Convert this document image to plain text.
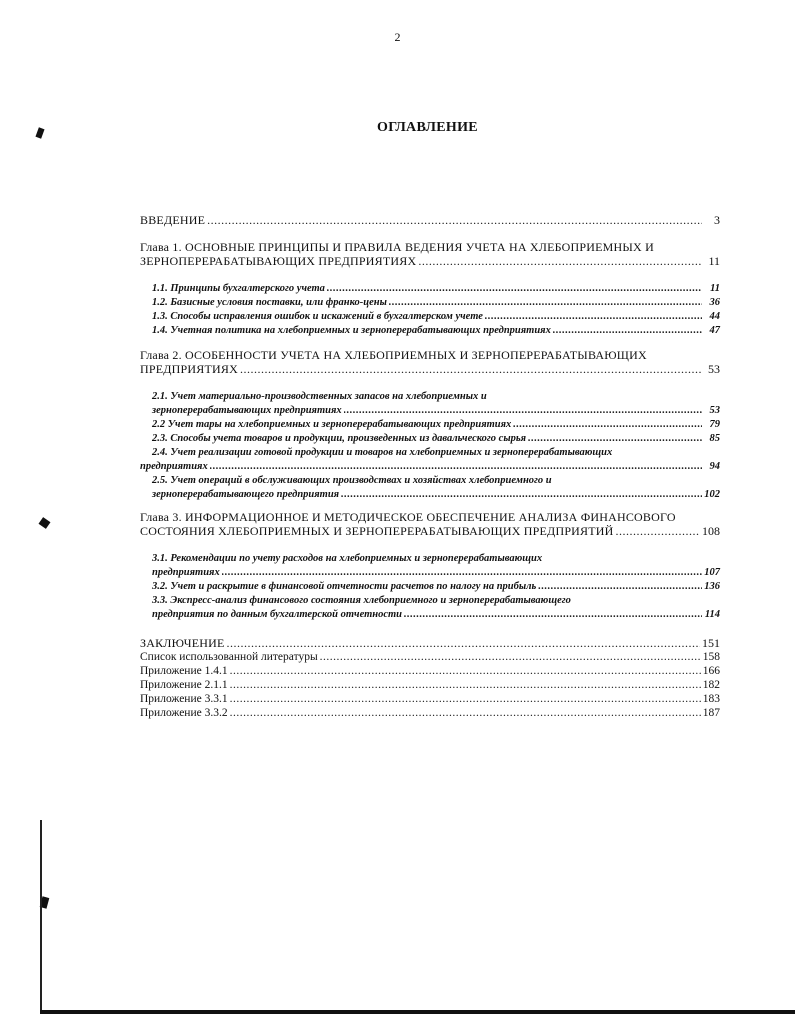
2
ОГЛАВЛЕНИЕ
ВВЕДЕНИЕ .....	3
Глава 1. ОСНОВНЫЕ ПРИНЦИПЫ И ПРАВИЛА ВЕДЕНИЯ УЧЕТА НА ХЛЕБОПРИЕМНЫХ И
ЗЕРНОПЕРЕРАБАТЫВАЮЩИХ ПРЕДПРИЯТИЯХ .....	11
1.1. Принципы бухгалтерского учета .....	11
1.2. Базисные условия поставки, или франко-цены .....	36
1.3. Способы исправления ошибок и искажений в бухгалтерском учете .....	44
1.4. Учетная политика на хлебоприемных и зерноперерабатывающих предприятиях .....	47
Глава 2. ОСОБЕННОСТИ УЧЕТА НА ХЛЕБОПРИЕМНЫХ И ЗЕРНОПЕРЕРАБАТЫВАЮЩИХ
ПРЕДПРИЯТИЯХ .....	53
2.1. Учет материально-производственных запасов на хлебоприемных и
зерноперерабатывающих предприятиях .....	53
2.2 Учет тары на хлебоприемных и зерноперерабатывающих предприятиях .....	79
2.3. Способы учета товаров и продукции, произведенных из давальческого сырья .....	85
2.4. Учет реализации готовой продукции и товаров на хлебоприемных и зерноперерабатывающих
предприятиях .....	94
2.5. Учет операций в обслуживающих производствах и хозяйствах хлебоприемного и
зерноперерабатывающего предприятия .....	102
Глава 3. ИНФОРМАЦИОННОЕ И МЕТОДИЧЕСКОЕ ОБЕСПЕЧЕНИЕ АНАЛИЗА ФИНАНСОВОГО
СОСТОЯНИЯ ХЛЕБОПРИЕМНЫХ И ЗЕРНОПЕРЕРАБАТЫВАЮЩИХ ПРЕДПРИЯТИЙ .....	108
3.1. Рекомендации по учету расходов на хлебоприемных и зерноперерабатывающих
предприятиях .....	107
3.2. Учет и раскрытие в финансовой отчетности расчетов по налогу на прибыль .....	136
3.3. Экспресс-анализ финансового состояния хлебоприемного и зерноперерабатывающего
предприятия по данным бухгалтерской отчетности .....	114
ЗАКЛЮЧЕНИЕ .....	151
Список использованной литературы .....	158
Приложение 1.4.1 .....	166
Приложение 2.1.1 .....	182
Приложение 3.3.1 .....	183
Приложение 3.3.2 .....	187
